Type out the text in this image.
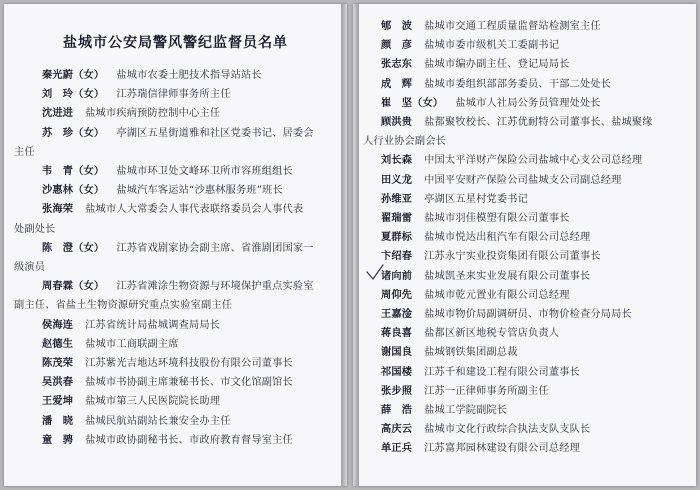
盐城市公安局警风警纪监督员名单
秦光蔚（女） 盐城市农委土肥技术指导站站长
刘　玲（女） 江苏瑞信律师事务所主任
沈进进 盐城市疾病预防控制中心主任
苏　珍（女） 亭湖区五星街道雅和社区党委书记、居委会
主任
韦　青（女） 盐城市环卫处文峰环卫所市容班组组长
沙惠林（女） 盐城汽车客运站“沙惠林服务班”班长
张海荣 盐城市人大常委会人事代表联络委员会人事代表
处副处长
陈　澄（女） 江苏省戏剧家协会副主席、省淮剧团国家一
级演员
周春霖（女） 江苏省滩涂生物资源与环境保护重点实验室
副主任、省盐土生物资源研究重点实验室副主任
侯海连 江苏省统计局盐城调查局局长
赵德生 盐城市工商联副主席
陈茂荣 江苏紫光吉地达环境科技股份有限公司董事长
吴洪春 盐城市书协副主席兼秘书长、市文化馆副馆长
王爱坤 盐城市第三人民医院院长助理
潘　晓 盐城民航站副站长兼安全办主任
童　骋 盐城市政协副秘书长、市政府教育督导室主任
郇　波 盐城市交通工程质量监督站检测室主任
颜　彦 盐城市委市级机关工委副书记
张志东 盐城市编办副主任、登记局局长
成　辉 盐城市委组织部部务委员、干部二处处长
崔　坚（女） 盐城市人社局公务员管理处处长
顾洪贵 盐都聚牧校长、江苏优耐特公司董事长、盐城聚缘
人行业协会副会长
刘长森 中国太平洋财产保险公司盐城中心支公司总经理
田义龙 中国平安财产保险公司盐城支公司副总经理
孙维亚 亭湖区五星村党委书记
翟瑞雷 盐城市羽佳模塑有限公司董事长
夏群标 盐城市悦达出租汽车有限公司总经理
卞绍春 江苏永宁实业投资集团有限公司董事长
诸向前 盐城凯圣来实业发展有限公司董事长
周仰先 盐城市乾元置业有限公司总经理
王嘉淦 盐城市物价局副调研员、市物价检查分局局长
蒋良喜 盐都区新区地税专管店负责人
谢国良 盐城钢铁集团副总裁
祁国楼 江苏千和建设工程有限公司董事长
张步照 江苏一正律师事务所副主任
薛　浩 盐城工学院副院长
高庆云 盐城市文化行政综合执法支队支队长
单正兵 江苏富邦园林建设有限公司总经理
